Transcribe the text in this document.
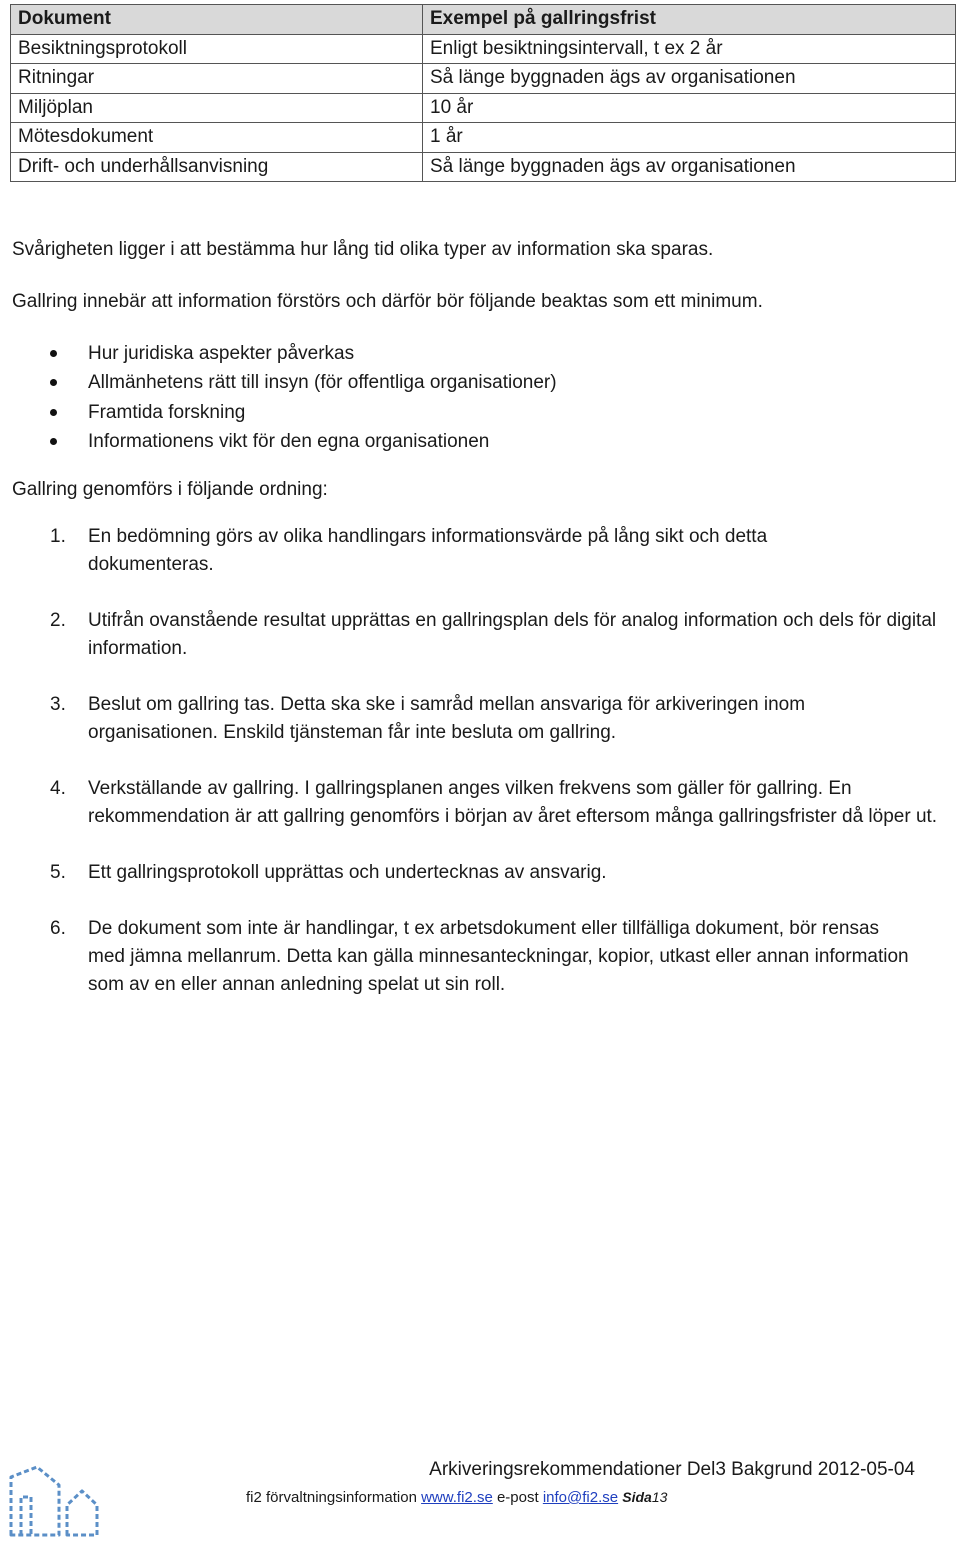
Dokument	Exempel på gallringsfrist
Besiktningsprotokoll	Enligt besiktningsintervall, t ex 2 år
Ritningar	Så länge byggnaden ägs av organisationen
Miljöplan	10 år
Mötesdokument	1 år
Drift- och underhållsanvisning	Så länge byggnaden ägs av organisationen

Svårigheten ligger i att bestämma hur lång tid olika typer av information ska sparas.

Gallring innebär att information förstörs och därför bör följande beaktas som ett minimum.

Hur juridiska aspekter påverkas
Allmänhetens rätt till insyn (för offentliga organisationer)
Framtida forskning
Informationens vikt för den egna organisationen

Gallring genomförs i följande ordning:

1. En bedömning görs av olika handlingars informationsvärde på lång sikt och detta dokumenteras.
2. Utifrån ovanstående resultat upprättas en gallringsplan dels för analog information och dels för digital information.
3. Beslut om gallring tas. Detta ska ske i samråd mellan ansvariga för arkiveringen inom organisationen. Enskild tjänsteman får inte besluta om gallring.
4. Verkställande av gallring. I gallringsplanen anges vilken frekvens som gäller för gallring. En rekommendation är att gallring genomförs i början av året eftersom många gallringsfrister då löper ut.
5. Ett gallringsprotokoll upprättas och undertecknas av ansvarig.
6. De dokument som inte är handlingar, t ex arbetsdokument eller tillfälliga dokument, bör rensas med jämna mellanrum. Detta kan gälla minnesanteckningar, kopior, utkast eller annan information som av en eller annan anledning spelat ut sin roll.
Arkiveringsrekommendationer Del3 Bakgrund 2012-05-04
fi2 förvaltningsinformation www.fi2.se e-post info@fi2.se Sida13
